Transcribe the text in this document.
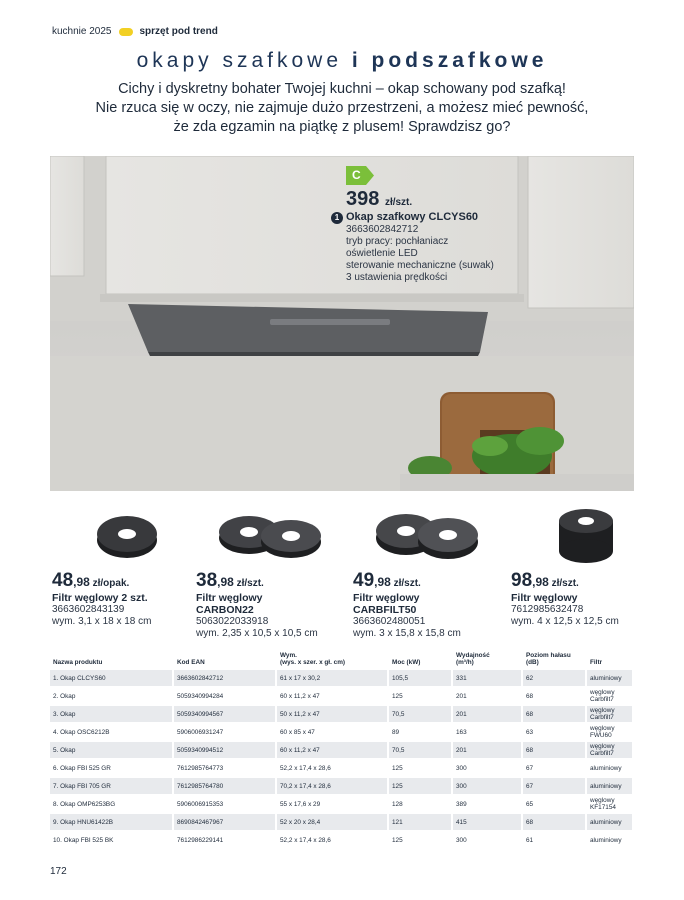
kuchnie 2025	sprzęt pod trend
okapy szafkowe i podszafkowe
Cichy i dyskretny bohater Twojej kuchni – okap schowany pod szafką!
Nie rzuca się w oczy, nie zajmuje dużo przestrzeni, a możesz mieć pewność,
że zda egzamin na piątkę z plusem! Sprawdzisz go?
C
398 zł/szt.
1 Okap szafkowy CLCYS60
3663602842712
tryb pracy: pochłaniacz
oświetlenie LED
sterowanie mechaniczne (suwak)
3 ustawienia prędkości
48,98 zł/opak.
Filtr węglowy 2 szt.
3663602843139
wym. 3,1 x 18 x 18 cm
38,98 zł/szt.
Filtr węglowy
CARBON22
5063022033918
wym. 2,35 x 10,5 x 10,5 cm
49,98 zł/szt.
Filtr węglowy
CARBFILT50
3663602480051
wym. 3 x 15,8 x 15,8 cm
98,98 zł/szt.
Filtr węglowy
7612985632478
wym. 4 x 12,5 x 12,5 cm
Nazwa produktu	Kod EAN	Wym.
(wys. x szer. x gł. cm)	Moc (kW)	Wydajność
(m³/h)	Poziom hałasu
(dB)	Filtr
1. Okap CLCYS60	3663602842712	61 x 17 x 30,2	105,5	331	62	aluminiowy
2. Okap	5059340994284	60 x 11,2 x 47	125	201	68	węglowy
Carbfilt7
3. Okap	5059340994567	50 x 11,2 x 47	70,5	201	68	węglowy
Carbfilt7
4. Okap OSC6212B	5906006931247	60 x 85 x 47	89	163	63	węglowy
FWU60
5. Okap	5059340994512	60 x 11,2 x 47	70,5	201	68	węglowy
Carbfilt7
6. Okap FBI 525 GR	7612985764773	52,2 x 17,4 x 28,6	125	300	67	aluminiowy
7. Okap FBI 705 GR	7612985764780	70,2 x 17,4 x 28,6	125	300	67	aluminiowy
8. Okap OMP6253BG	5906006915353	55 x 17,6 x 29	128	389	65	węglowy
KF17154
9. Okap HNU61422B	8690842467967	52 x 20 x 28,4	121	415	68	aluminiowy
10. Okap FBI 525 BK	7612986229141	52,2 x 17,4 x 28,6	125	300	61	aluminiowy
172
